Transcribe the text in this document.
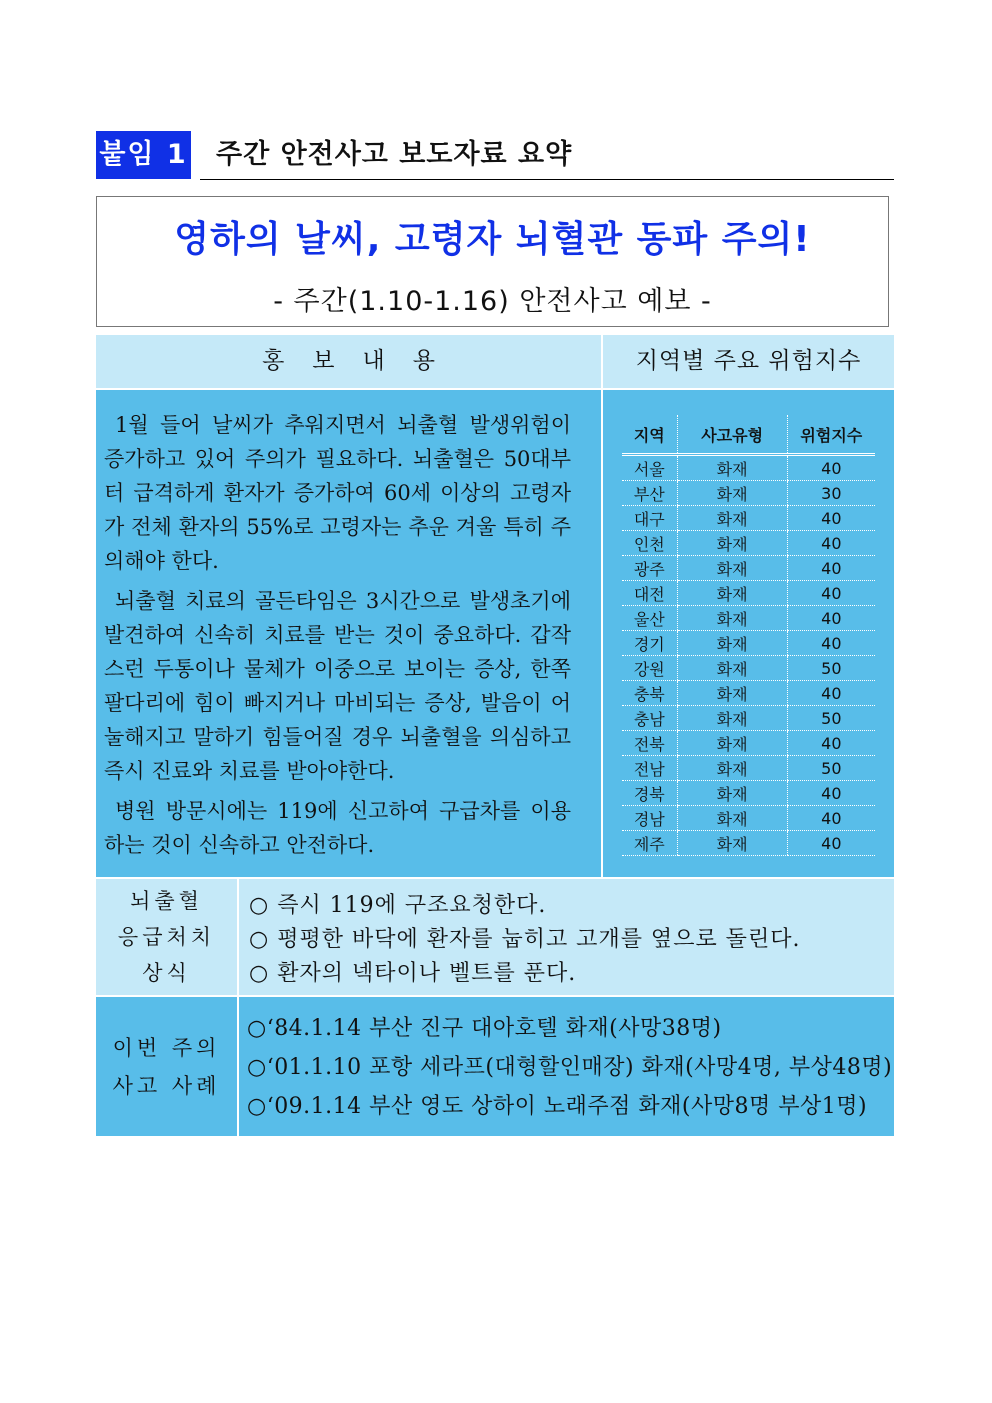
붙임 1 주간 안전사고 보도자료 요약
영하의 날씨, 고령자 뇌혈관 동파 주의!
- 주간(1.10-1.16) 안전사고 예보 -
홍보내용	지역별 주요 위험지수

1월 들어 날씨가 추워지면서 뇌출혈 발생위험이 증가하고 있어 주의가 필요하다. 뇌출혈은 50대부터 급격하게 환자가 증가하여 60세 이상의 고령자가 전체 환자의 55%로 고령자는 추운 겨울 특히 주의해야 한다.

뇌출혈 치료의 골든타임은 3시간으로 발생초기에 발견하여 신속히 치료를 받는 것이 중요하다. 갑작스런 두통이나 물체가 이중으로 보이는 증상, 한쪽 팔다리에 힘이 빠지거나 마비되는 증상, 발음이 어눌해지고 말하기 힘들어질 경우 뇌출혈을 의심하고 즉시 진료와 치료를 받아야한다.

병원 방문시에는 119에 신고하여 구급차를 이용하는 것이 신속하고 안전하다.

지역	사고유형	위험지수
서울	화재	40
부산	화재	30
대구	화재	40
인천	화재	40
광주	화재	40
대전	화재	40
울산	화재	40
경기	화재	40
강원	화재	50
충북	화재	40
충남	화재	50
전북	화재	40
전남	화재	50
경북	화재	40
경남	화재	40
제주	화재	40
뇌출혈
응급처치
상식
○ 즉시 119에 구조요청한다.
○ 평평한 바닥에 환자를 눕히고 고개를 옆으로 돌린다.
○ 환자의 넥타이나 벨트를 푼다.
이번 주의
사고 사례
○‘84.1.14 부산 진구 대아호텔 화재(사망38명)
○‘01.1.10 포항 세라프(대형할인매장) 화재(사망4명, 부상48명)
○‘09.1.14 부산 영도 상하이 노래주점 화재(사망8명 부상1명)
